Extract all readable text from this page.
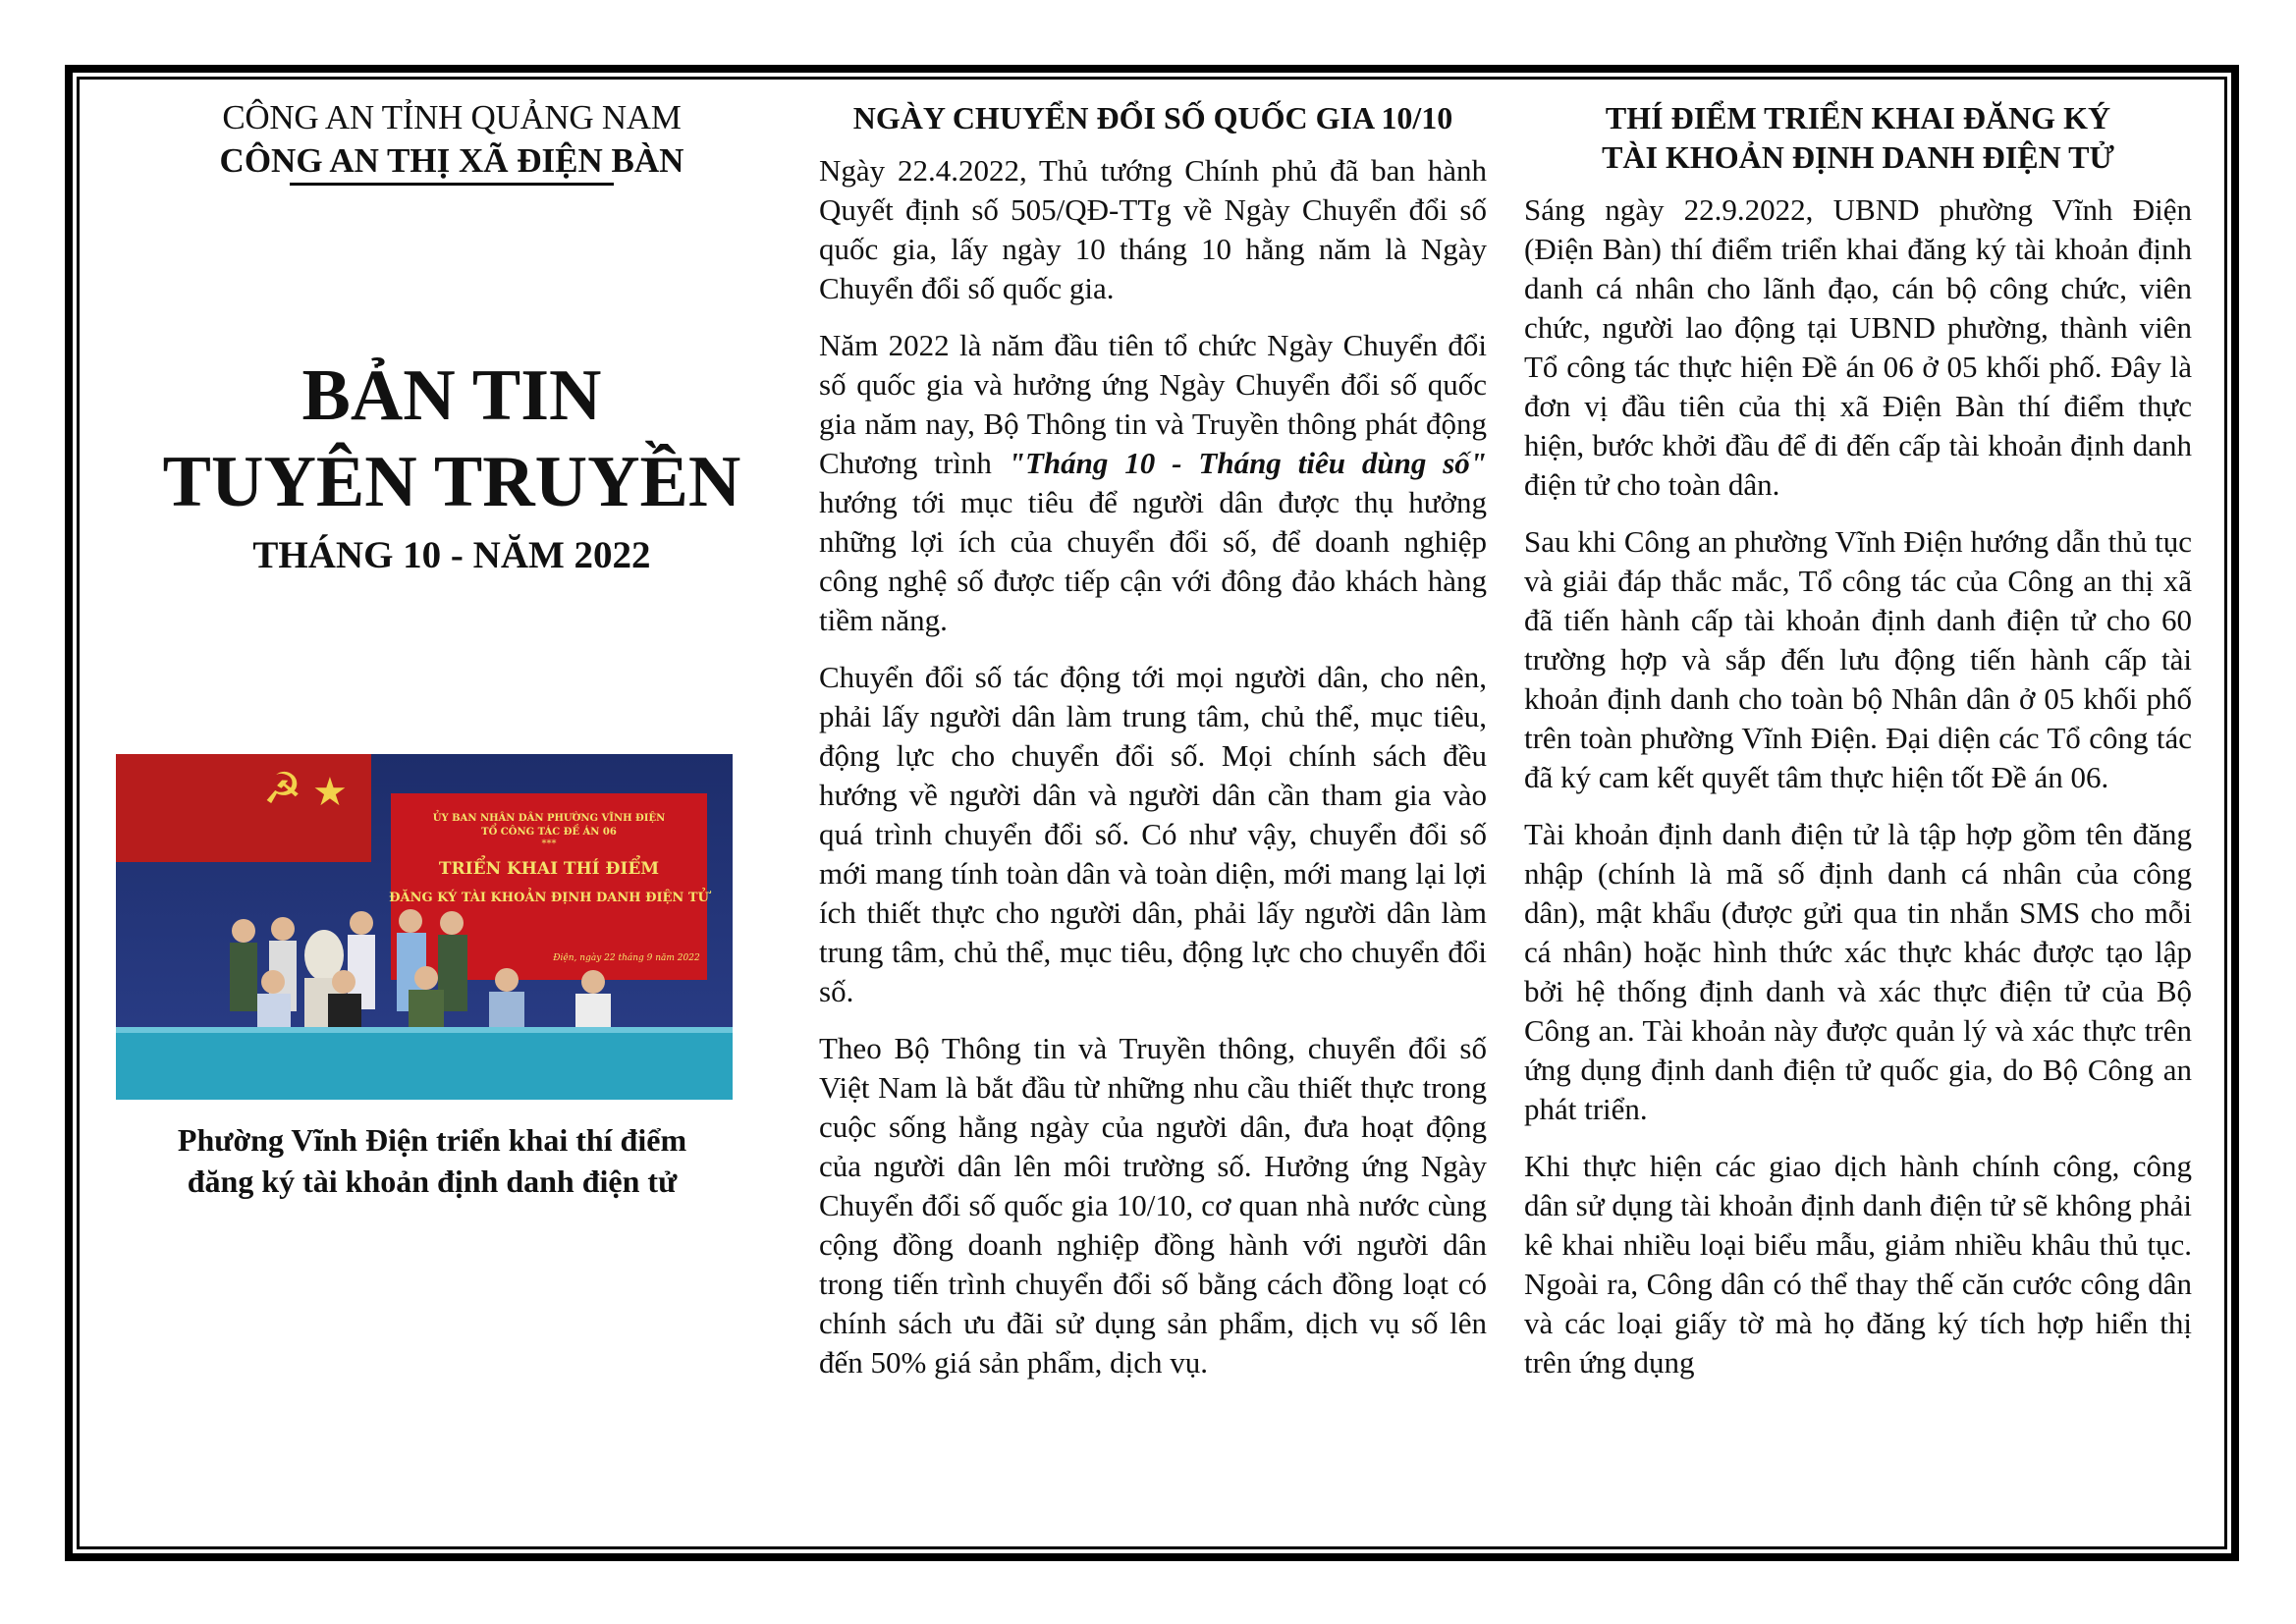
CÔNG AN TỈNH QUẢNG NAM
CÔNG AN THỊ XÃ ĐIỆN BÀN
BẢN TIN
TUYÊN TRUYỀN
THÁNG 10 - NĂM 2022
☭ ★
ỦY BAN NHÂN DÂN PHƯỜNG VĨNH ĐIỆN
TỔ CÔNG TÁC ĐỀ ÁN 06
***
TRIỂN KHAI THÍ ĐIỂM
ĐĂNG KÝ TÀI KHOẢN ĐỊNH DANH ĐIỆN TỬ
Điện, ngày 22 tháng 9 năm 2022
Phường Vĩnh Điện triển khai thí điểm
đăng ký tài khoản định danh điện tử
NGÀY CHUYỂN ĐỔI SỐ QUỐC GIA 10/10

Ngày 22.4.2022, Thủ tướng Chính phủ đã ban hành Quyết định số 505/QĐ-TTg về Ngày Chuyển đổi số quốc gia, lấy ngày 10 tháng 10 hằng năm là Ngày Chuyển đổi số quốc gia.

Năm 2022 là năm đầu tiên tổ chức Ngày Chuyển đổi số quốc gia và hưởng ứng Ngày Chuyển đổi số quốc gia năm nay, Bộ Thông tin và Truyền thông phát động Chương trình "Tháng 10 - Tháng tiêu dùng số" hướng tới mục tiêu để người dân được thụ hưởng những lợi ích của chuyển đổi số, để doanh nghiệp công nghệ số được tiếp cận với đông đảo khách hàng tiềm năng.

Chuyển đổi số tác động tới mọi người dân, cho nên, phải lấy người dân làm trung tâm, chủ thể, mục tiêu, động lực cho chuyển đổi số. Mọi chính sách đều hướng về người dân và người dân cần tham gia vào quá trình chuyển đổi số. Có như vậy, chuyển đổi số mới mang tính toàn dân và toàn diện, mới mang lại lợi ích thiết thực cho người dân, phải lấy người dân làm trung tâm, chủ thể, mục tiêu, động lực cho chuyển đổi số.

Theo Bộ Thông tin và Truyền thông, chuyển đổi số Việt Nam là bắt đầu từ những nhu cầu thiết thực trong cuộc sống hằng ngày của người dân, đưa hoạt động của người dân lên môi trường số. Hưởng ứng Ngày Chuyển đổi số quốc gia 10/10, cơ quan nhà nước cùng cộng đồng doanh nghiệp đồng hành với người dân trong tiến trình chuyển đổi số bằng cách đồng loạt có chính sách ưu đãi sử dụng sản phẩm, dịch vụ số lên đến 50% giá sản phẩm, dịch vụ.

THÍ ĐIỂM TRIỂN KHAI ĐĂNG KÝ
TÀI KHOẢN ĐỊNH DANH ĐIỆN TỬ

Sáng ngày 22.9.2022, UBND phường Vĩnh Điện (Điện Bàn) thí điểm triển khai đăng ký tài khoản định danh cá nhân cho lãnh đạo, cán bộ công chức, viên chức, người lao động tại UBND phường, thành viên Tổ công tác thực hiện Đề án 06 ở 05 khối phố. Đây là đơn vị đầu tiên của thị xã Điện Bàn thí điểm thực hiện, bước khởi đầu để đi đến cấp tài khoản định danh điện tử cho toàn dân.

Sau khi Công an phường Vĩnh Điện hướng dẫn thủ tục và giải đáp thắc mắc, Tổ công tác của Công an thị xã đã tiến hành cấp tài khoản định danh điện tử cho 60 trường hợp và sắp đến lưu động tiến hành cấp tài khoản định danh cho toàn bộ Nhân dân ở 05 khối phố trên toàn phường Vĩnh Điện. Đại diện các Tổ công tác đã ký cam kết quyết tâm thực hiện tốt Đề án 06.

Tài khoản định danh điện tử là tập hợp gồm tên đăng nhập (chính là mã số định danh cá nhân của công dân), mật khẩu (được gửi qua tin nhắn SMS cho mỗi cá nhân) hoặc hình thức xác thực khác được tạo lập bởi hệ thống định danh và xác thực điện tử của Bộ Công an. Tài khoản này được quản lý và xác thực trên ứng dụng định danh điện tử quốc gia, do Bộ Công an phát triển.

Khi thực hiện các giao dịch hành chính công, công dân sử dụng tài khoản định danh điện tử sẽ không phải kê khai nhiều loại biểu mẫu, giảm nhiều khâu thủ tục. Ngoài ra, Công dân có thể thay thế căn cước công dân và các loại giấy tờ mà họ đăng ký tích hợp hiển thị trên ứng dụng
